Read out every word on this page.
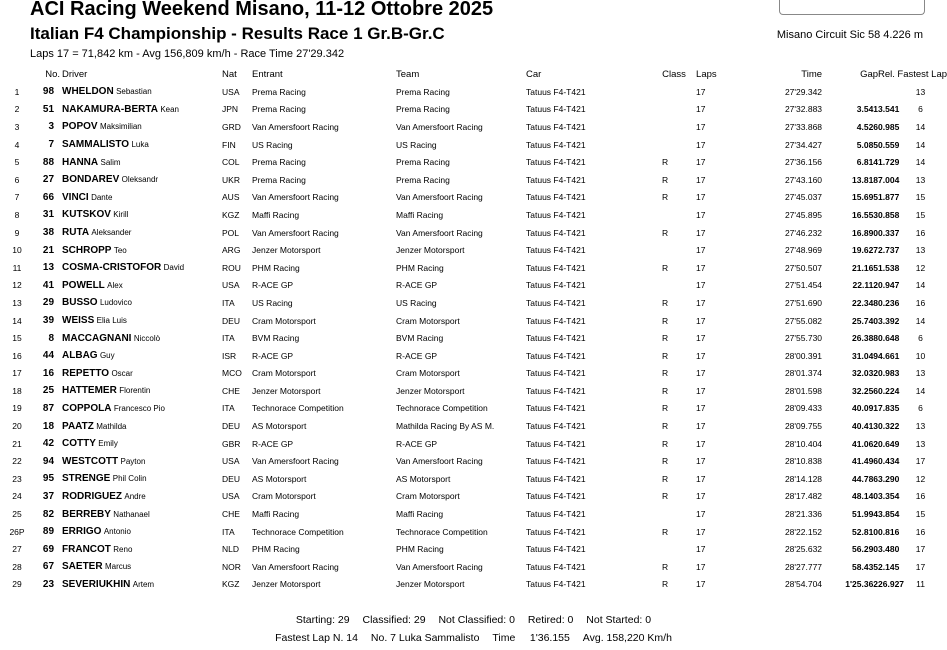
ACI Racing Weekend Misano, 11-12 Ottobre 2025
Italian F4 Championship - Results Race 1 Gr.B-Gr.C
Laps 17 = 71,842 km - Avg 156,809 km/h - Race Time 27'29.342
Misano Circuit Sic 58 4.226 m
No.		Driver	Nat	Entrant	Team	Car	Class		Laps	Time	Gap	Rel.	Fastest Lap	
1	98	WHELDON Sebastian	USA	Prema Racing	Prema Racing	Tatuus F4-T421			17	27'29.342			13	
2	51	NAKAMURA-BERTA Kean	JPN	Prema Racing	Prema Racing	Tatuus F4-T421			17	27'32.883	3.541	3.541	6	
3	3	POPOV Maksimilian	GRD	Van Amersfoort Racing	Van Amersfoort Racing	Tatuus F4-T421			17	27'33.868	4.526	0.985	14	
4	7	SAMMALISTO Luka	FIN	US Racing	US Racing	Tatuus F4-T421			17	27'34.427	5.085	0.559	14	
5	88	HANNA Salim	COL	Prema Racing	Prema Racing	Tatuus F4-T421	R		17	27'36.156	6.814	1.729	14	
6	27	BONDAREV Oleksandr	UKR	Prema Racing	Prema Racing	Tatuus F4-T421	R		17	27'43.160	13.818	7.004	13	
7	66	VINCI Dante	AUS	Van Amersfoort Racing	Van Amersfoort Racing	Tatuus F4-T421	R		17	27'45.037	15.695	1.877	15	
8	31	KUTSKOV Kirill	KGZ	Maffi Racing	Maffi Racing	Tatuus F4-T421			17	27'45.895	16.553	0.858	15	
9	38	RUTA Aleksander	POL	Van Amersfoort Racing	Van Amersfoort Racing	Tatuus F4-T421	R		17	27'46.232	16.890	0.337	16	
10	21	SCHROPP Teo	ARG	Jenzer Motorsport	Jenzer Motorsport	Tatuus F4-T421			17	27'48.969	19.627	2.737	13	
11	13	COSMA-CRISTOFOR David	ROU	PHM Racing	PHM Racing	Tatuus F4-T421	R		17	27'50.507	21.165	1.538	12	
12	41	POWELL Alex	USA	R-ACE GP	R-ACE GP	Tatuus F4-T421			17	27'51.454	22.112	0.947	14	
13	29	BUSSO Ludovico	ITA	US Racing	US Racing	Tatuus F4-T421	R		17	27'51.690	22.348	0.236	16	
14	39	WEISS Elia Luis	DEU	Cram Motorsport	Cram Motorsport	Tatuus F4-T421	R		17	27'55.082	25.740	3.392	14	
15	8	MACCAGNANI Niccolò	ITA	BVM Racing	BVM Racing	Tatuus F4-T421	R		17	27'55.730	26.388	0.648	6	
16	44	ALBAG Guy	ISR	R-ACE GP	R-ACE GP	Tatuus F4-T421	R		17	28'00.391	31.049	4.661	10	
17	16	REPETTO Oscar	MCO	Cram Motorsport	Cram Motorsport	Tatuus F4-T421	R		17	28'01.374	32.032	0.983	13	
18	25	HATTEMER Florentin	CHE	Jenzer Motorsport	Jenzer Motorsport	Tatuus F4-T421	R		17	28'01.598	32.256	0.224	14	
19	87	COPPOLA Francesco Pio	ITA	Technorace Competition	Technorace Competition	Tatuus F4-T421	R		17	28'09.433	40.091	7.835	6	
20	18	PAATZ Mathilda	DEU	AS Motorsport	Mathilda Racing By AS M.	Tatuus F4-T421	R		17	28'09.755	40.413	0.322	13	
21	42	COTTY Emily	GBR	R-ACE GP	R-ACE GP	Tatuus F4-T421	R		17	28'10.404	41.062	0.649	13	
22	94	WESTCOTT Payton	USA	Van Amersfoort Racing	Van Amersfoort Racing	Tatuus F4-T421	R		17	28'10.838	41.496	0.434	17	
23	95	STRENGE Phil Colin	DEU	AS Motorsport	AS Motorsport	Tatuus F4-T421	R		17	28'14.128	44.786	3.290	12	
24	37	RODRIGUEZ Andre	USA	Cram Motorsport	Cram Motorsport	Tatuus F4-T421	R		17	28'17.482	48.140	3.354	16	
25	82	BERREBY Nathanael	CHE	Maffi Racing	Maffi Racing	Tatuus F4-T421			17	28'21.336	51.994	3.854	15	
26P	89	ERRIGO Antonio	ITA	Technorace Competition	Technorace Competition	Tatuus F4-T421	R		17	28'22.152	52.810	0.816	16	
27	69	FRANCOT Reno	NLD	PHM Racing	PHM Racing	Tatuus F4-T421			17	28'25.632	56.290	3.480	17	
28	67	SAETER Marcus	NOR	Van Amersfoort Racing	Van Amersfoort Racing	Tatuus F4-T421	R		17	28'27.777	58.435	2.145	17	
29	23	SEVERIUKHIN Artem	KGZ	Jenzer Motorsport	Jenzer Motorsport	Tatuus F4-T421	R		17	28'54.704	1'25.362	26.927	11	
Starting: 29 Classified: 29 Not Classified: 0 Retired: 0 Not Started: 0
Fastest Lap N. 14 No. 7 Luka Sammalisto Time     1'36.155 Avg. 158,220 Km/h
